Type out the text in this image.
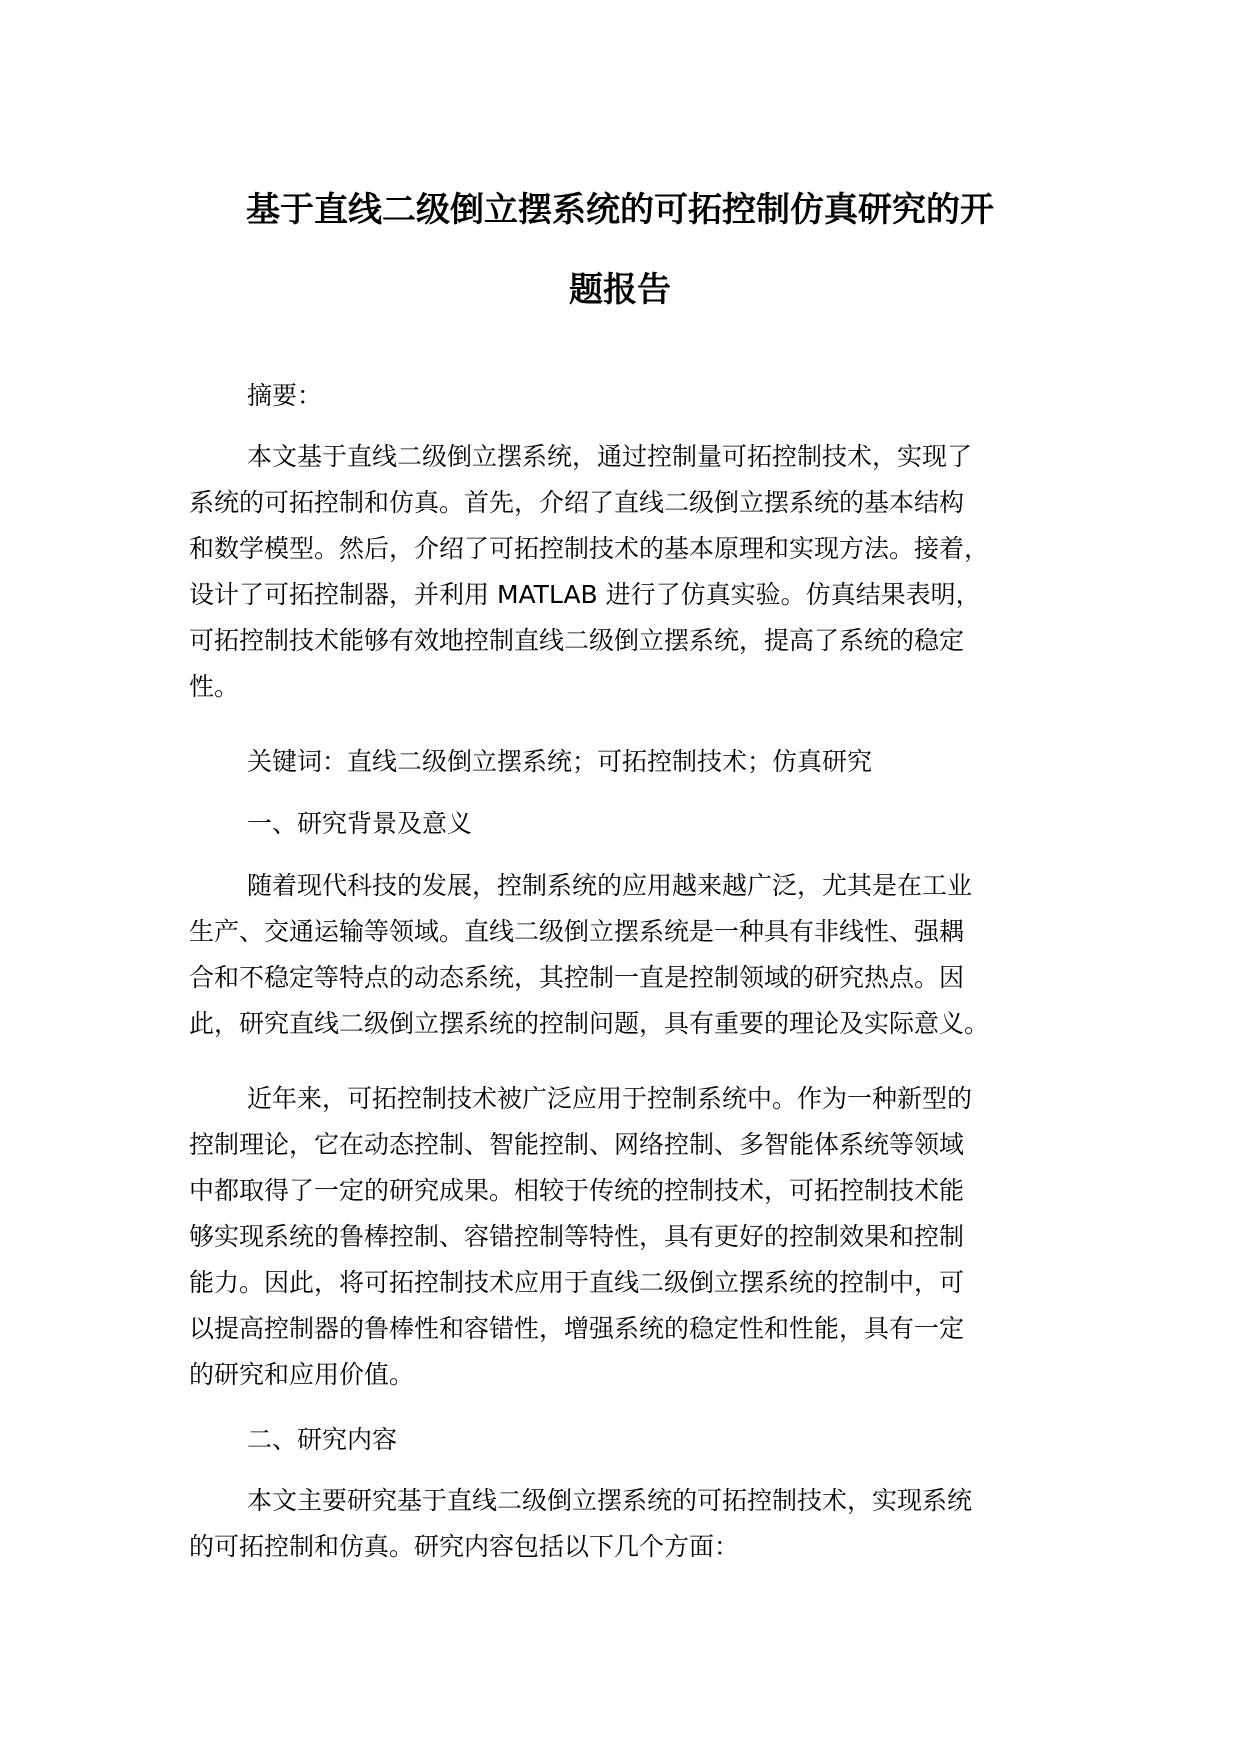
基于直线二级倒立摆系统的可拓控制仿真研究的开
题报告
摘要：
本文基于直线二级倒立摆系统，通过控制量可拓控制技术，实现了
系统的可拓控制和仿真。首先，介绍了直线二级倒立摆系统的基本结构
和数学模型。然后，介绍了可拓控制技术的基本原理和实现方法。接着，
设计了可拓控制器，并利用 MATLAB 进行了仿真实验。仿真结果表明，
可拓控制技术能够有效地控制直线二级倒立摆系统，提高了系统的稳定
性。
关键词：直线二级倒立摆系统；可拓控制技术；仿真研究
一、研究背景及意义
随着现代科技的发展，控制系统的应用越来越广泛，尤其是在工业
生产、交通运输等领域。直线二级倒立摆系统是一种具有非线性、强耦
合和不稳定等特点的动态系统，其控制一直是控制领域的研究热点。因
此，研究直线二级倒立摆系统的控制问题，具有重要的理论及实际意义。
近年来，可拓控制技术被广泛应用于控制系统中。作为一种新型的
控制理论，它在动态控制、智能控制、网络控制、多智能体系统等领域
中都取得了一定的研究成果。相较于传统的控制技术，可拓控制技术能
够实现系统的鲁棒控制、容错控制等特性，具有更好的控制效果和控制
能力。因此，将可拓控制技术应用于直线二级倒立摆系统的控制中，可
以提高控制器的鲁棒性和容错性，增强系统的稳定性和性能，具有一定
的研究和应用价值。
二、研究内容
本文主要研究基于直线二级倒立摆系统的可拓控制技术，实现系统
的可拓控制和仿真。研究内容包括以下几个方面：
